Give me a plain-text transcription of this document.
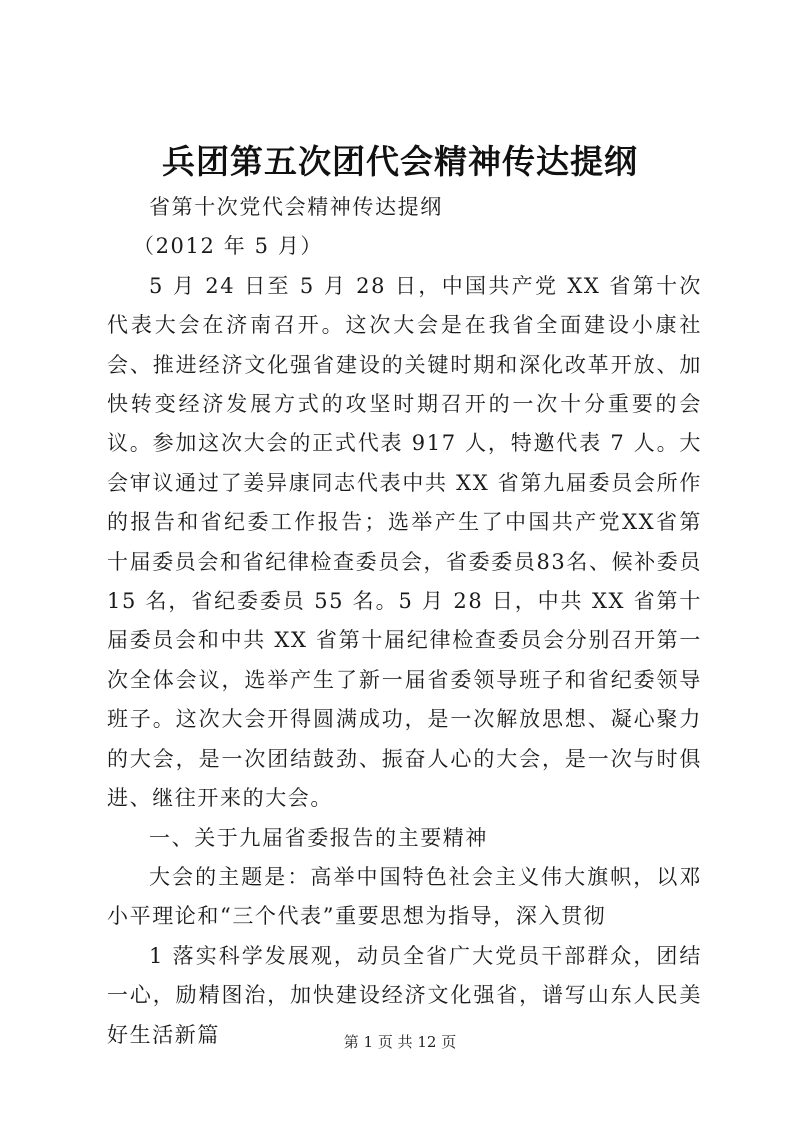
兵团第五次团代会精神传达提纲

省第十次党代会精神传达提纲

（2012 年 5 月）

5 月 24 日至 5 月 28 日，中国共产党 XX 省第十次代表大会在济南召开。这次大会是在我省全面建设小康社会、推进经济文化强省建设的关键时期和深化改革开放、加快转变经济发展方式的攻坚时期召开的一次十分重要的会议。参加这次大会的正式代表 917 人，特邀代表 7 人。大会审议通过了姜异康同志代表中共 XX 省第九届委员会所作的报告和省纪委工作报告；选举产生了中国共产党XX省第十届委员会和省纪律检查委员会，省委委员83名、候补委员 15 名，省纪委委员 55 名。5 月 28 日，中共 XX 省第十届委员会和中共 XX 省第十届纪律检查委员会分别召开第一次全体会议，选举产生了新一届省委领导班子和省纪委领导班子。这次大会开得圆满成功，是一次解放思想、凝心聚力的大会，是一次团结鼓劲、振奋人心的大会，是一次与时俱进、继往开来的大会。

一、关于九届省委报告的主要精神

大会的主题是：高举中国特色社会主义伟大旗帜，以邓小平理论和“三个代表”重要思想为指导，深入贯彻

1 落实科学发展观，动员全省广大党员干部群众，团结一心，励精图治，加快建设经济文化强省，谱写山东人民美好生活新篇	第 1 页 共 12 页
